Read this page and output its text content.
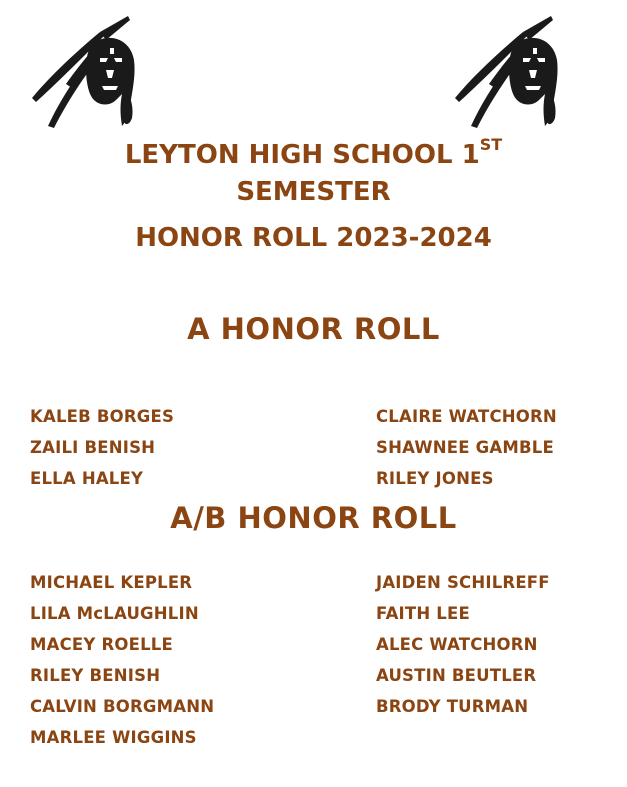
LEYTON HIGH SCHOOL 1ST
SEMESTER
HONOR ROLL 2023-2024
A HONOR ROLL
KALEB BORGES
ZAILI BENISH
ELLA HALEY
CLAIRE WATCHORN
SHAWNEE GAMBLE
RILEY JONES
A/B HONOR ROLL
MICHAEL KEPLER
LILA McLAUGHLIN
MACEY ROELLE
RILEY BENISH
CALVIN BORGMANN
MARLEE WIGGINS
JAIDEN SCHILREFF
FAITH LEE
ALEC WATCHORN
AUSTIN BEUTLER
BRODY TURMAN
